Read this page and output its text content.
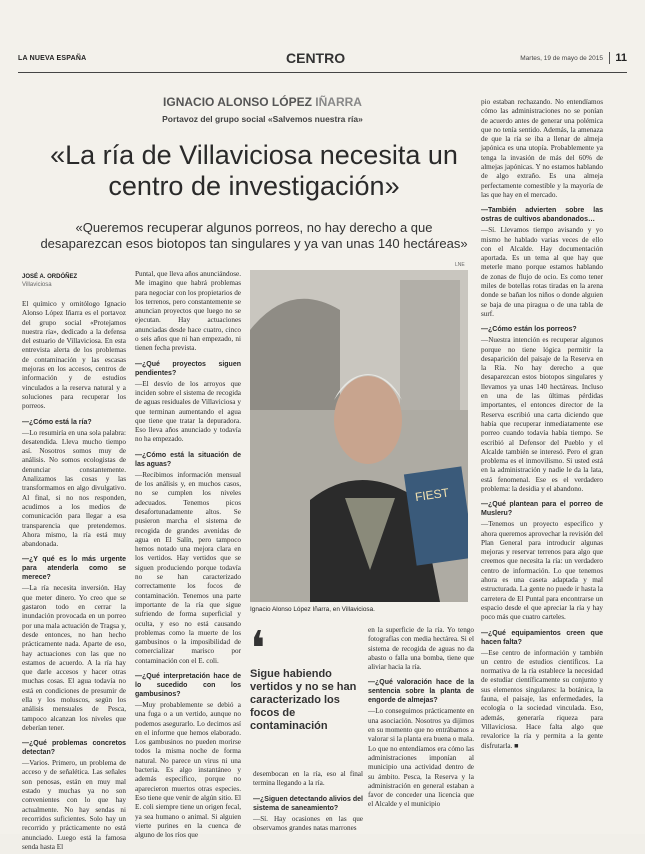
LA NUEVA ESPAÑA	CENTRO	Martes, 19 de mayo de 2015	11
IGNACIO ALONSO LÓPEZ IÑARRA
Portavoz del grupo social «Salvemos nuestra ría»
«La ría de Villaviciosa necesita un centro de investigación»
«Queremos recuperar algunos porreos, no hay derecho a que desaparezcan esos biotopos tan singulares y ya van unas 140 hectáreas»
LNE
JOSÉ A. ORDÓÑEZ
Villaviciosa

El químico y ornitólogo Ignacio Alonso López Iñarra es el portavoz del grupo social «Protejamos nuestra ría», dedicado a la defensa del estuario de Villaviciosa. En esta entrevista alerta de los problemas de contaminación y las escasas mejoras en los accesos, centros de información y de estudios vinculados a la reserva natural y a soluciones para recuperar los porreos.

—¿Cómo está la ría?

—Lo resumiría en una sola palabra: desatendida. Lleva mucho tiempo así. Nosotros somos muy de análisis. No somos ecologistas de denunciar constantemente. Analizamos las cosas y las transformamos en algo divulgativo. Al final, si no nos responden, acudimos a los medios de comunicación para llegar a esa transparencia que pretendemos. Ahora mismo, la ría está muy abandonada.

—¿Y qué es lo más urgente para atenderla como se merece?

—La ría necesita inversión. Hay que meter dinero. Yo creo que se gastaron todo en cerrar la inundación provocada en un porreo por una mala actuación de Tragsa y, desde entonces, no han hecho prácticamente nada. Aparte de eso, hay actuaciones con las que no estamos de acuerdo. A la ría hay que darle accesos y hacer otras muchas cosas. El agua todavía no está en condiciones de presumir de ella y los moluscos, según los análisis mensuales de Pesca, tampoco alcanzan los niveles que deberían tener.

—¿Qué problemas concretos detectan?

—Varios. Primero, un problema de acceso y de señalética. Las señales son penosas, están en muy mal estado y muchas ya no son convenientes con lo que hay actualmente. No hay sendas ni recorridos suficientes. Solo hay un recorrido y prácticamente no está anunciado. Luego está la famosa senda hasta El

Puntal, que lleva años anunciándose. Me imagino que habrá problemas para negociar con los propietarios de los terrenos, pero constantemente se anuncian proyectos que luego no se ejecutan. Hay actuaciones anunciadas desde hace cuatro, cinco o seis años que ni han empezado, ni tienen fecha prevista.

—¿Qué proyectos siguen pendientes?

—El desvío de los arroyos que inciden sobre el sistema de recogida de aguas residuales de Villaviciosa y que terminan aumentando el agua que tiene que tratar la depuradora. Eso lleva años anunciado y todavía no ha empezado.

—¿Cómo está la situación de las aguas?

—Recibimos información mensual de los análisis y, en muchos casos, no se cumplen los niveles adecuados. Tenemos picos desafortunadamente altos. Se pusieron marcha el sistema de recogida de grandes avenidas de agua en El Salín, pero tampoco hemos notado una mejora clara en los vertidos. Hay vertidos que se siguen produciendo porque todavía no se han caracterizado correctamente los focos de contaminación. Tenemos una parte importante de la ría que sigue sufriendo de forma superficial y oculta, y eso no está causando problemas como la muerte de los gambusinos o la imposibilidad de comercializar marisco por contaminación con el E. coli.

—¿Qué interpretación hace de lo sucedido con los gambusinos?

—Muy probablemente se debió a una fuga o a un vertido, aunque no podemos asegurarlo. Lo decimos así en el informe que hemos elaborado. Los gambusinos no pueden morirse todos la misma noche de forma natural. No parece un virus ni una bacteria. Es algo instantáneo y además específico, porque no aparecieron muertos otras especies. Eso tiene que venir de algún sitio. El E. coli siempre tiene un origen fecal, ya sea humano o animal. Si alguien vierte purines en la cuenca de alguno de los ríos que

FIEST
Ignacio Alonso López Iñarra, en Villaviciosa.
❛
Sigue habiendo vertidos y no se han caracterizado los focos de contaminación

desembocan en la ría, eso al final termina llegando a la ría.

—¿Siguen detectando alivios del sistema de saneamiento?

—Sí. Hay ocasiones en las que observamos grandes natas marrones

en la superficie de la ría. Yo tengo fotografías con media hectárea. Si el sistema de recogida de aguas no da abasto o falla una bomba, tiene que aliviar hacia la ría.

—¿Qué valoración hace de la sentencia sobre la planta de engorde de almejas?

—Lo conseguimos prácticamente en una asociación. Nosotros ya dijimos en su momento que no entrábamos a valorar si la planta era buena o mala. Lo que no entendíamos era cómo las administraciones imponían al municipio una actividad dentro de su ámbito. Pesca, la Reserva y la administración en general estaban a favor de conceder una licencia que el Alcalde y el municipio

pio estaban rechazando. No entendíamos cómo las administraciones no se ponían de acuerdo antes de generar una polémica que no tenía sentido. Además, la amenaza de que la ría se iba a llenar de almeja japónica es una utopía. Probablemente ya tenga la invasión de más del 60% de almejas japónicas. Y no estamos hablando de algo extraño. Es una almeja perfectamente comestible y la mayoría de las que hay en el mercado.

—También advierten sobre las ostras de cultivos abandonados…

—Sí. Llevamos tiempo avisando y yo mismo he hablado varias veces de ello con el Alcalde. Hay documentación aportada. Es un tema al que hay que meterle mano porque estamos hablando de zonas de flujo de ocio. Es como tener miles de botellas rotas tiradas en la arena donde se bañan los niños o donde alguien se baja de una piragua o de una tabla de surf.

—¿Cómo están los porreos?

—Nuestra intención es recuperar algunos porque no tiene lógica permitir la desaparición del paisaje de la Reserva en la Ría. No hay derecho a que desaparezcan estos biotopos singulares y llevamos ya unas 140 hectáreas. Incluso en una de las últimas pérdidas importantes, el entonces director de la Reserva escribió una carta diciendo que había que recuperar inmediatamente ese porreo cuando todavía había tiempo. Se escribió al Defensor del Pueblo y el Alcalde también se interesó. Pero el gran problema es el inmovilismo. Si usted está en la administración y nadie le da la lata, está fenomenal. Ese es el verdadero problema: la desidia y el abandono.

—¿Qué plantean para el porreo de Musleru?

—Tenemos un proyecto específico y ahora queremos aprovechar la revisión del Plan General para introducir algunas mejoras y reservar terrenos para algo que creemos que necesita la ría: un verdadero centro de información. Lo que tenemos ahora es una caseta adaptada y mal estructurada. La gente no puede ir hasta la carretera de El Puntal para encontrarse un espacio desde el que apreciar la ría y hay poco más que cuatro carteles.

—¿Qué equipamientos creen que hacen falta?

—Ese centro de información y también un centro de estudios científicos. La normativa de la ría establece la necesidad de estudiar científicamente su conjunto y sus elementos singulares: la botánica, la fauna, el paisaje, las enfermedades, la ecología o la sociedad vinculada. Eso, además, generaría riqueza para Villaviciosa. Hace falta algo que revalorice la ría y permita a la gente disfrutarla. ■
